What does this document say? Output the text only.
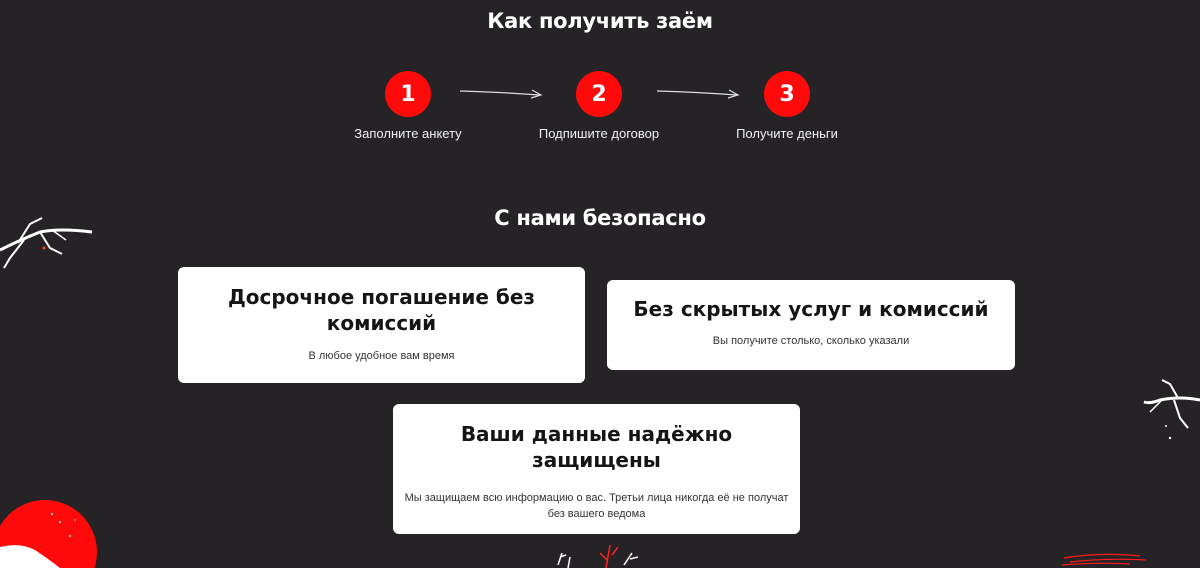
Как получить заём
1
Заполните анкету
2
Подпишите договор
3
Получите деньги
С нами безопасно
Досрочное погашение без
комиссий
В любое удобное вам время
Без скрытых услуг и комиссий
Вы получите столько, сколько указали
Ваши данные надёжно
защищены
Мы защищаем всю информацию о вас. Третьи лица никогда её не получат
без вашего ведома
